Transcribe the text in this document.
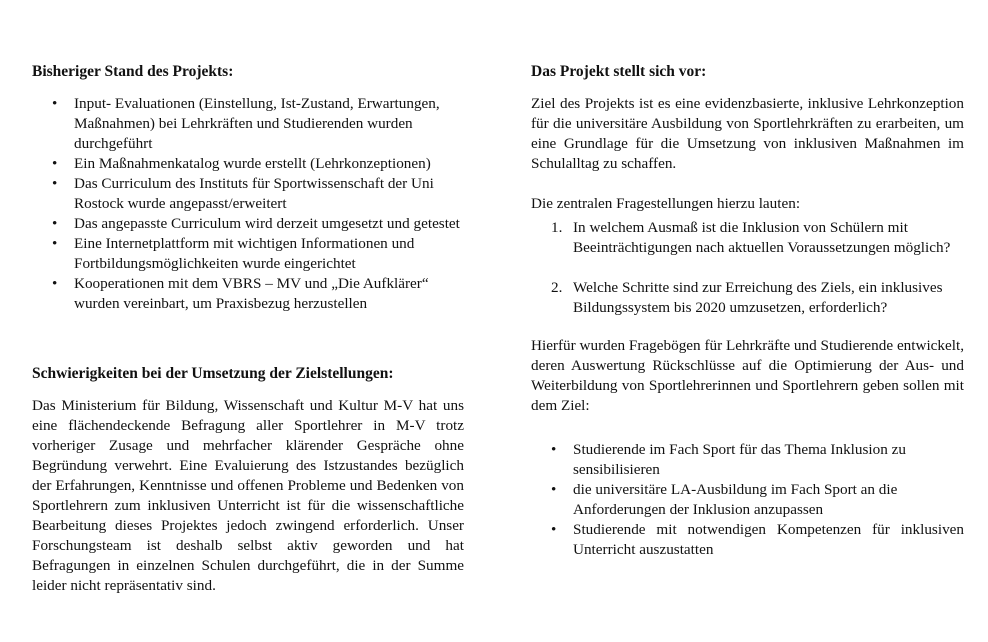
Bisheriger Stand des Projekts:
• Input- Evaluationen (Einstellung, Ist-Zustand, Erwartungen, Maßnahmen) bei Lehrkräften und Studierenden wurden durchgeführt
• Ein Maßnahmenkatalog wurde erstellt (Lehrkonzeptionen)
• Das Curriculum des Instituts für Sportwissenschaft der Uni Rostock wurde angepasst/erweitert
• Das angepasste Curriculum wird derzeit umgesetzt und getestet
• Eine Internetplattform mit wichtigen Informationen und Fortbildungsmöglichkeiten wurde eingerichtet
• Kooperationen mit dem VBRS – MV und „Die Aufklärer“ wurden vereinbart, um Praxisbezug herzustellen
Schwierigkeiten bei der Umsetzung der Zielstellungen:

Das Ministerium für Bildung, Wissenschaft und Kultur M-V hat uns eine flächendeckende Befragung aller Sportlehrer in M-V trotz vorheriger Zusage und mehrfacher klärender Gespräche ohne Begründung verwehrt. Eine Evaluierung des Istzustandes bezüglich der Erfahrungen, Kenntnisse und offenen Probleme und Bedenken von Sportlehrern zum inklusiven Unterricht ist für die wissenschaftliche Bearbeitung dieses Projektes jedoch zwingend erforderlich. Unser Forschungsteam ist deshalb selbst aktiv geworden und hat Befragungen in einzelnen Schulen durchgeführt, die in der Summe leider nicht repräsentativ sind.

Das Projekt stellt sich vor:

Ziel des Projekts ist es eine evidenzbasierte, inklusive Lehrkonzeption für die universitäre Ausbildung von Sportlehrkräften zu erarbeiten, um eine Grundlage für die Umsetzung von inklusiven Maßnahmen im Schulalltag zu schaffen.

Die zentralen Fragestellungen hierzu lauten:

1. In welchem Ausmaß ist die Inklusion von Schülern mit Beeinträchtigungen nach aktuellen Voraussetzungen möglich?
2. Welche Schritte sind zur Erreichung des Ziels, ein inklusives Bildungssystem bis 2020 umzusetzen, erforderlich?

Hierfür wurden Fragebögen für Lehrkräfte und Studierende entwickelt, deren Auswertung Rückschlüsse auf die Optimierung der Aus- und Weiterbildung von Sportlehrerinnen und Sportlehrern geben sollen mit dem Ziel:

• Studierende im Fach Sport für das Thema Inklusion zu sensibilisieren
• die universitäre LA-Ausbildung im Fach Sport an die Anforderungen der Inklusion anzupassen
• Studierende mit notwendigen Kompetenzen für inklusiven Unterricht auszustatten
